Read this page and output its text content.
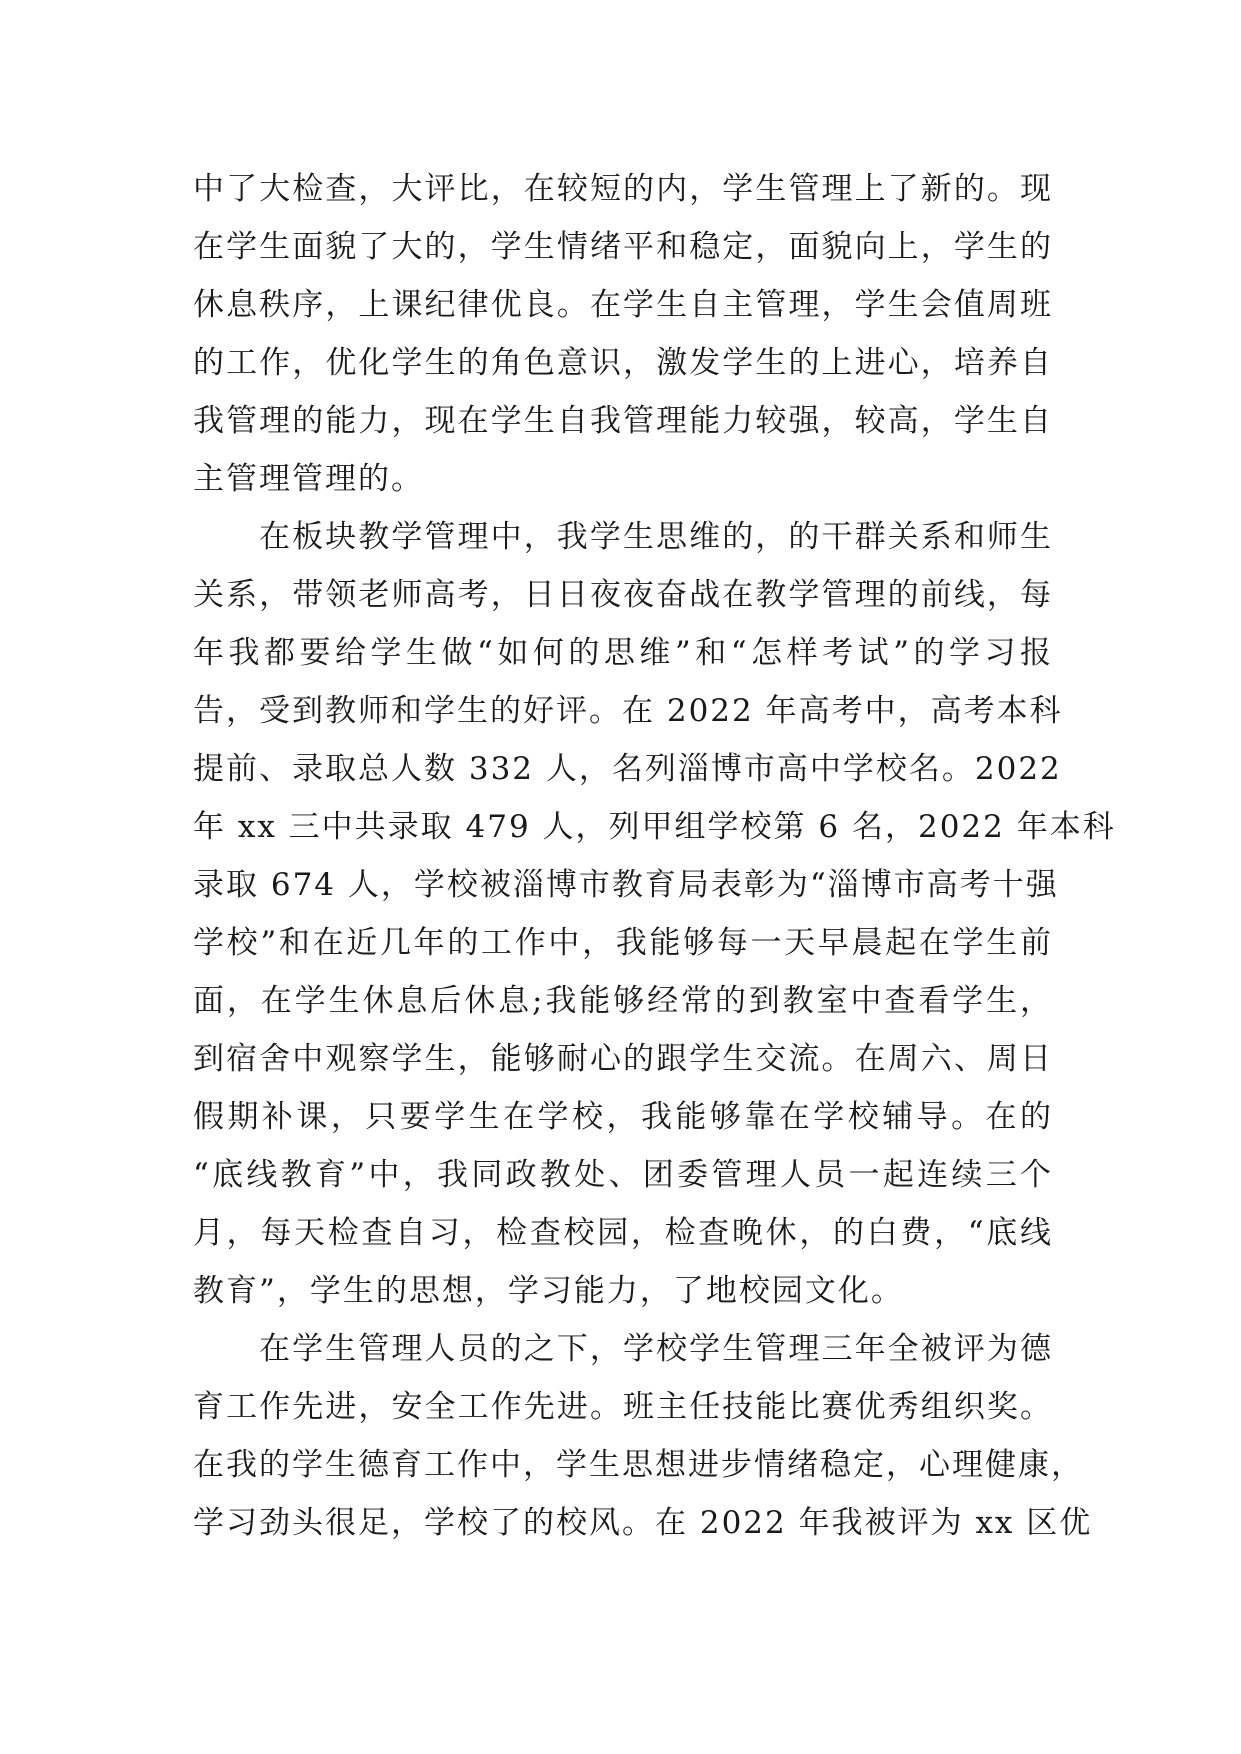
中了大检查，大评比，在较短的内，学生管理上了新的。现
在学生面貌了大的，学生情绪平和稳定，面貌向上，学生的
休息秩序，上课纪律优良。在学生自主管理，学生会值周班
的工作，优化学生的角色意识，激发学生的上进心，培养自
我管理的能力，现在学生自我管理能力较强，较高，学生自
主管理管理的。
在板块教学管理中，我学生思维的，的干群关系和师生
关系，带领老师高考，日日夜夜奋战在教学管理的前线，每
年我都要给学生做“如何的思维”和“怎样考试”的学习报
告，受到教师和学生的好评。在 2022 年高考中，高考本科
提前、录取总人数 332 人，名列淄博市高中学校名。2022
年 xx 三中共录取 479 人，列甲组学校第 6 名，2022 年本科
录取 674 人，学校被淄博市教育局表彰为“淄博市高考十强
学校”和在近几年的工作中，我能够每一天早晨起在学生前
面，在学生休息后休息;我能够经常的到教室中查看学生，
到宿舍中观察学生，能够耐心的跟学生交流。在周六、周日
假期补课，只要学生在学校，我能够靠在学校辅导。在的
“底线教育”中，我同政教处、团委管理人员一起连续三个
月，每天检查自习，检查校园，检查晚休，的白费，“底线
教育”，学生的思想，学习能力，了地校园文化。
在学生管理人员的之下，学校学生管理三年全被评为德
育工作先进，安全工作先进。班主任技能比赛优秀组织奖。
在我的学生德育工作中，学生思想进步情绪稳定，心理健康，
学习劲头很足，学校了的校风。在 2022 年我被评为 xx 区优
